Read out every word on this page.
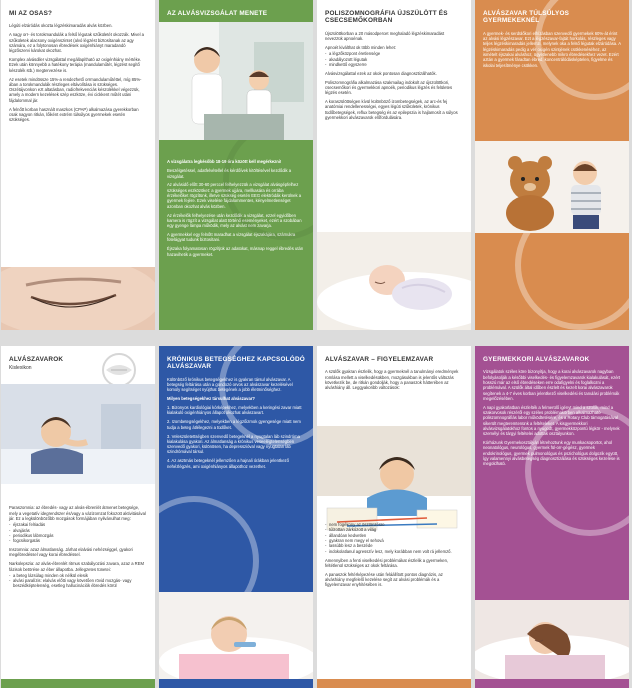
MI AZ OSAS?

Légúti elzáródás okozta légzéskimaradás alvás közben.

A nagy orr- és torokmandulák a felső légutak szűkületét okozzák. Mivel a szűkületek alacsony oxigénszintet (alvó légzést biztosítanak az agy számára, ez a folytonosan ébredések oxigénhiányt maradandó légzőszervi károkat okozhat.

Komplex alvásdiler vizsgálattal megállapítható az oxigénhiány mértéke. Ezek után könnyebb a hatékony terápia (mandulaműtét, légzést segítő készülék stb.) megtervezése is.

Az esetek mindössze 15%-a rendezhető orrmandulaműtéttel, míg 85%-ában a torokmandulák részleges eltávolítása is szükséges. Oszétájvonkon ezt altatásban, radiofrekvenciás készülékkel végezzük, amely a modern kezelések szép eszköze, évi cickkent műtét utáni fájdalommal jár.

A felnőtt korban használt maszkos (CPAP) alkalmazása gyerekkorban csak nagyon ritkán, lőiként extrém túlsúlyos gyermekek esetén szükséges.

AZ ALVÁSVIZSGÁLAT MENETE

A vizsgálatra legkésőbb 18-19 óra között kell megérkezni!

Beszélgetéssel, adatfelvétellel és kérdőívek kitöltésével kezdődik a vizsgálat.

Az alvásidő előtt 30-60 perccel felhelyezzük a vizsgálat alvásgépfelhez szükséges eszközöket: a gyermek ujjára, mellkasára és orrába érzékelőket rögzítünk, illetve szükség esetén EEG elektródák kerülnek a gyermek fejére. Ezek viselése fájdalommentes, kényelmetlenséget azonban okozhat alvás közben.

Az érzékelők felhelyezése után kezdődik a vizsgálat, ezzel egyidőben kamera is rögzít a vizsgálat alatt történő eseményeket, ezért a szobában egy gyenge lámpa működik, mely az alvást nem zavarja.

A gyermekkel egy felnőtt maradhat a vizsgálat éjszakájára, számukra fotelágyat tudunk biztosítani.

Éjszaka folyamatosan rögzítjük az adatokat, másnap reggel ébredés után hazavihetik a gyermeket.

POLISZOMNOGRÁFIA ÚJSZÜLÖTT ÉS CSECSEMŐKORBAN

Újszülöttkorban a 20 másodpercet meghaladó légzéskimaradást nevezzük apnoénak.

Apnoét kiválthat ok több minden lehet:

- a légzőközpont éretlensége
- akadályozott légutak
- mindkettő egyszerre

Alvásvizsgálattal ezek az okok pontosan diagnosztizálhatók.

Poliszomnográfia alkalmazása szakmailag indokolt az újszülöttkori, csecsemőkori és gyermekkori apnoék, periodikus légzés és felületes légzés esetén.

A koraszülöttségen kívül különböző izombetegségek, az arc-és fej anatómiai rendellenességei, egyes légúti szűkületek, krónikus tüdőbetegségek, reflux betegség és az epilepszia is hajlamosít a súlyos gyermekkori alvászavarok előfordulására.

ALVÁSZAVAR TÚLSÚLYOS GYERMEKEKNÉL

A gyermek- és serdülőkori elhízásban szenvedő gyermekek 60%-át érint az alvási légzészavar. Ezt a légzészavar-fajtát horkolás, részleges vagy teljes légzéskimaradás jellemzi, melynek oka a felső légutak elzáródása. A légzéskimaradás pedig a vér oxigén szintjének csökkenéséhez, az ismételt éjszakai alváshoz, ügyetlenebb mikro ébredésekhez vezet. Ezért aztán a gyermek fáradtan ébred, koncentrálódásképtelen, figyelme és iskolai teljesítménye csökken.

ALVÁSZAVAROK
Kislexikon

Paraszomnia: az ébredés- vagy az alvás-ébrenlét átmenet betegsége, mely a vegetatív idegrendszer és/vagy a vázizomzat fokozott aktivitásával jár. Ez a legkülönbözőbb mozgások formájában nyilvánulhat meg:

- éjszakai felriadás
- alvajárás
- periodikus lábmozgás
- fogcsikorgatás

Inszomnia: azaz álmatlanság. Járhat elalvási nehézséggel, gyakori megébredéssel vagy korai ébredéssel.

Narkolepszia: az alvás-ébrenlét ritmus szabályozási zavara, azaz a REM fázisok betörése az éber állapotba. Jellegzetes tünetei:

- a beteg lázsúlag minden ok nélkül elesik
- alvási paralízis: elalvás előtti vagy követően rövid mozgás- vagy beszédképtelenség, esetleg hallucinációk ébredés körül
KRÓNIKUS BETEGSÉGHEZ KAPCSOLÓDÓ ALVÁSZAVAR

Különböző krónikus betegségekhez is gyakran társul alvászavar. A betegség feltárása után a gondozó orvos az alvászavar kezelésével komoly segítséget nyújthat betegének a jobb életminőséghez.

Milyen betegségekhez társulhat alvászavar?

1. Bizonyos kardiológiai kórképekhez, melyekben a keringési zavar miatt kialakuló oxigénhiányos állapot okozhat alvászavart.

2. Izombetegségekhez, melyekben a légzőizmok gyengesége miatt nem tudja a beteg átlélegezni a tüdőket.

3. Veleszületettségben szenvedő betegeknél a nyugtalan láb szindróma kialakulása gyakori. Az álmatlanság a krónikus veseelégtelenségben szenvedő gyakori, különösen, ha depresszióval vagy nyugtalan láb szindrómával társul.

4. Az asztmás betegeknél jellemzően a hajnali órákban jelentkező nehézlégzés, ami oxigénhiányos állapothoz vezethet.

ALVÁSZAVAR – FIGYELEMZAVAR

A szülők gyakran észlelik, hogy a gyermeknél a tanulmányi eredmények romlása mellett a viselkedésükben, mozgásukban is jelentős változás következik be, de ritkán gondolják, hogy a panaszok hátterében az alváshiány áll. Leggyakoribb változások:

- nem fogékony az ösztönzésre
- túlzottan zárkózott a világ
- állandóan kedvetlen
- gyakran nem megy el sehová
- lassúbb lesz a beszéde
- indokolatlanul agresszív lesz, mely korábban nem volt rá jellemző.

Amennyiben a fenti viselkedési problémákat észlelik a gyermeken, feltétlenül szükséges az okok feltárása.

A panaszok feltérképezése után feláállított pontos diagnózis, az alváshiány megfelelő kezelése segít az alvási problémák és a figyelemzavar enyhítésében is.

GYERMEKKORI ALVÁSZAVAROK

Vizsgálatok széles köre bizonyítja, hogy a korai alvászavarok nagyban befolyásolják a későbbi viselkedés- és figyelemzavarok kialakulását, ezért hosszú már az első ébredéseken erre odafigyelni és foglalkozni a problémával. A szülők által időben észlelt és kezelt korai alvászavarok segítenek a 4-7 éves korban jelentkező viselkedési és tanulási problémák megelőzésében.

A napi gyakorlatban észlelték a felmerülő igényt mind a szülők, mind a szakorvosok részéről egy széles problémakörben alkalmazható poliszomnográfiás labor működtetésére, és a Rotary Club támogatásával sikerült megteremtenünk a feltételeket. A kisgyermekkori alvásvizsgálatokhoz fontos a nyugodt, gyermekközpontú légkör - melynek személyi és tárgyi feltételei adottak osztályunkon.

Kórházunk Gyermekosztályán létrehoztunk egy munkacsoportot, ahol neonatológus, neurológus, gyermek fül-orr-gégész, gyermek endokrinológus, gyermek pulmonológus és pszichológus dolgozik együtt, így valamennyi alvásbetegség diagnosztizálása és szükséges kezelése is megoldható.
